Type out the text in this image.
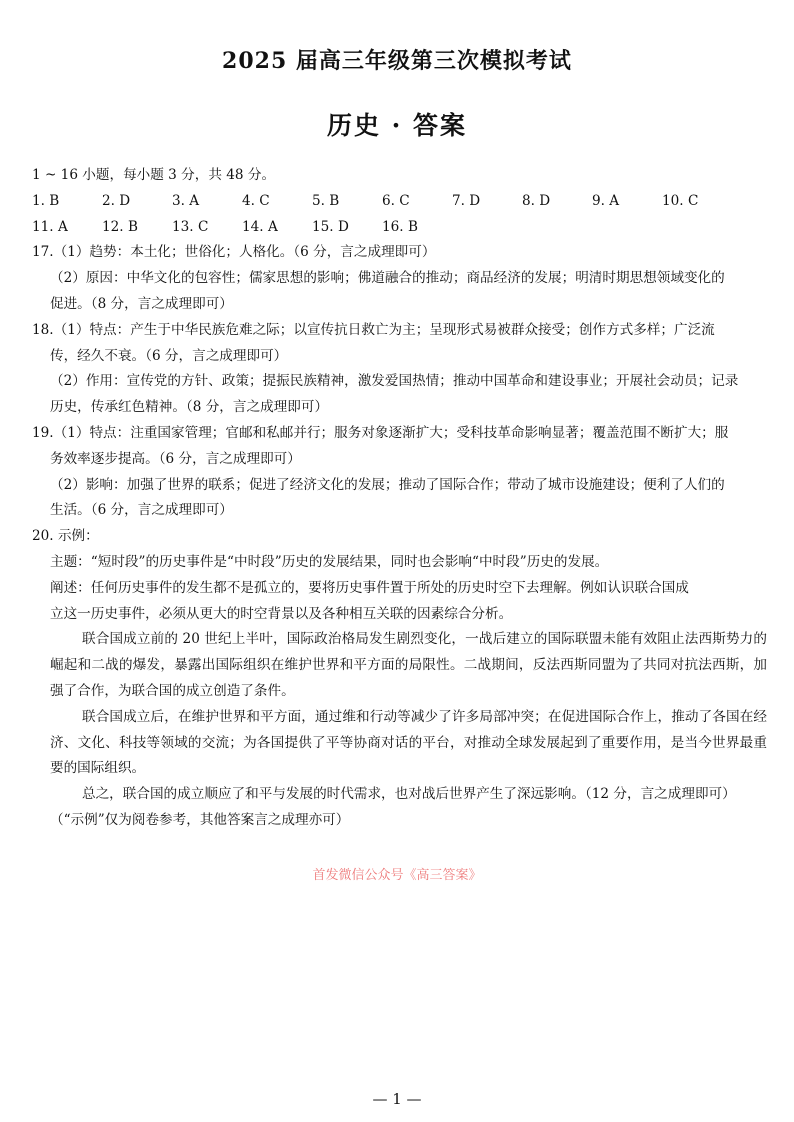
2025 届高三年级第三次模拟考试
历史 · 答案
1 ~ 16 小题，每小题 3 分，共 48 分。
1. B	2. D	3. A	4. C	5. B	6. C	7. D	8. D	9. A	10. C
11. A	12. B	13. C	14. A	15. D	16. B
17.（1）趋势：本土化；世俗化；人格化。（6 分，言之成理即可）
（2）原因：中华文化的包容性；儒家思想的影响；佛道融合的推动；商品经济的发展；明清时期思想领域变化的
促进。（8 分，言之成理即可）
18.（1）特点：产生于中华民族危难之际；以宣传抗日救亡为主；呈现形式易被群众接受；创作方式多样；广泛流
传，经久不衰。（6 分，言之成理即可）
（2）作用：宣传党的方针、政策；提振民族精神，激发爱国热情；推动中国革命和建设事业；开展社会动员；记录
历史，传承红色精神。（8 分，言之成理即可）
19.（1）特点：注重国家管理；官邮和私邮并行；服务对象逐渐扩大；受科技革命影响显著；覆盖范围不断扩大；服
务效率逐步提高。（6 分，言之成理即可）
（2）影响：加强了世界的联系；促进了经济文化的发展；推动了国际合作；带动了城市设施建设；便利了人们的
生活。（6 分，言之成理即可）
20. 示例：
主题：“短时段”的历史事件是“中时段”历史的发展结果，同时也会影响“中时段”历史的发展。
阐述：任何历史事件的发生都不是孤立的，要将历史事件置于所处的历史时空下去理解。例如认识联合国成
立这一历史事件，必须从更大的时空背景以及各种相互关联的因素综合分析。
联合国成立前的 20 世纪上半叶，国际政治格局发生剧烈变化，一战后建立的国际联盟未能有效阻止法西斯势力的崛起和二战的爆发，暴露出国际组织在维护世界和平方面的局限性。二战期间，反法西斯同盟为了共同对抗法西斯，加强了合作，为联合国的成立创造了条件。
联合国成立后，在维护世界和平方面，通过维和行动等减少了许多局部冲突；在促进国际合作上，推动了各国在经济、文化、科技等领域的交流；为各国提供了平等协商对话的平台，对推动全球发展起到了重要作用，是当今世界最重要的国际组织。
总之，联合国的成立顺应了和平与发展的时代需求，也对战后世界产生了深远影响。（12 分，言之成理即可）
（“示例”仅为阅卷参考，其他答案言之成理亦可）
首发微信公众号《高三答案》
— 1 —
